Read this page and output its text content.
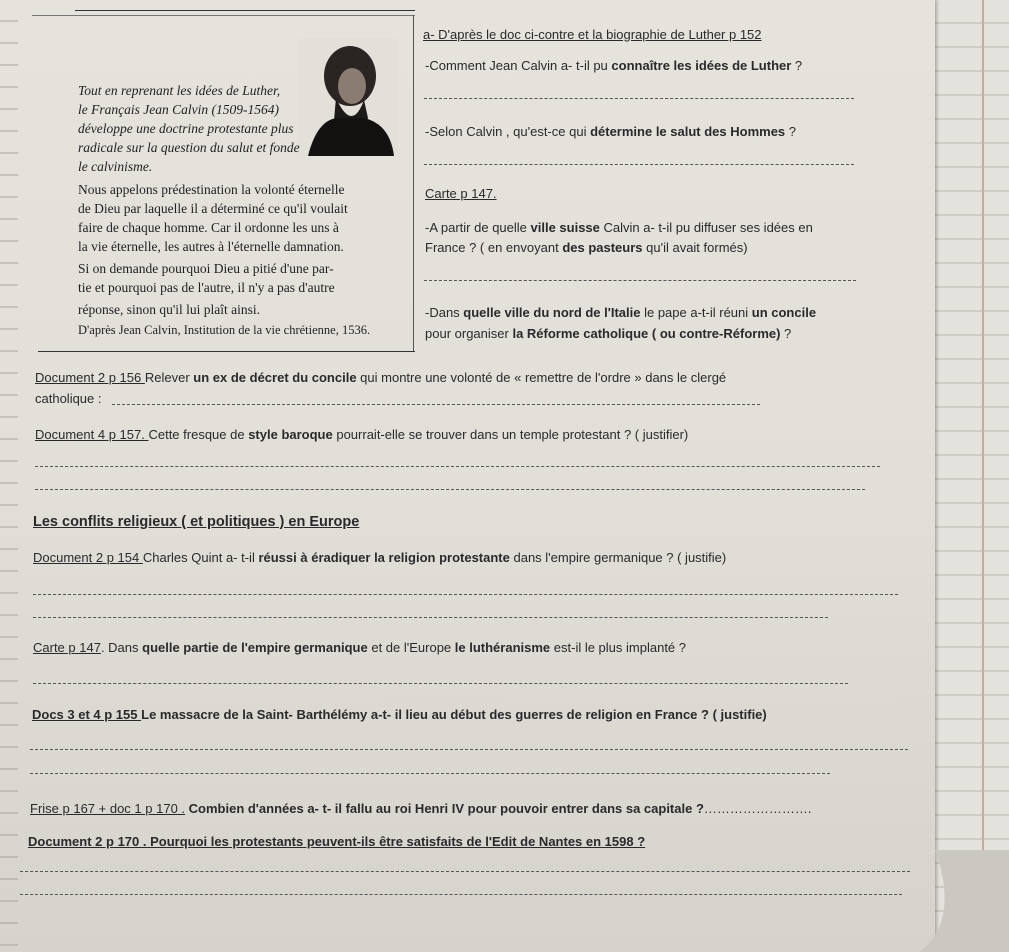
Tout en reprenant les idées de Luther,
le Français Jean Calvin (1509-1564)
développe une doctrine protestante plus
radicale sur la question du salut et fonde
le calvinisme.
Nous appelons prédestination la volonté éternelle
de Dieu par laquelle il a déterminé ce qu'il voulait
faire de chaque homme. Car il ordonne les uns à
la vie éternelle, les autres à l'éternelle damnation.
Si on demande pourquoi Dieu a pitié d'une par-
tie et pourquoi pas de l'autre, il n'y a pas d'autre
réponse, sinon qu'il lui plaît ainsi.
D'après Jean Calvin, Institution de la vie chrétienne, 1536.
a- D'après le doc ci-contre et la biographie de Luther p 152
-Comment Jean Calvin a- t-il pu connaître les idées de Luther ?
-Selon Calvin , qu'est-ce qui détermine le salut des Hommes ?
Carte p 147.
-A partir de quelle ville suisse Calvin a- t-il pu diffuser ses idées en
France ? ( en envoyant des pasteurs qu'il avait formés)
-Dans quelle ville du nord de l'Italie le pape a-t-il réuni un concile
pour organiser la Réforme catholique ( ou contre-Réforme) ?
Document 2 p 156 Relever un ex de décret du concile qui montre une volonté de « remettre de l'ordre » dans le clergé
catholique :
Document 4 p 157. Cette fresque de style baroque pourrait-elle se trouver dans un temple protestant ? ( justifier)
Les conflits religieux ( et politiques ) en Europe
Document 2 p 154 Charles Quint a- t-il réussi à éradiquer la religion protestante dans l'empire germanique ? ( justifie)
Carte p 147. Dans quelle partie de l'empire germanique et de l'Europe le luthéranisme est-il le plus implanté ?
Docs 3 et 4 p 155 Le massacre de la Saint- Barthélémy a-t- il lieu au début des guerres de religion en France ? ( justifie)
Frise p 167 + doc 1 p 170 . Combien d'années a- t- il fallu au roi Henri IV pour pouvoir entrer dans sa capitale ?…………………….
Document 2 p 170 . Pourquoi les protestants peuvent-ils être satisfaits de l'Edit de Nantes en 1598 ?
